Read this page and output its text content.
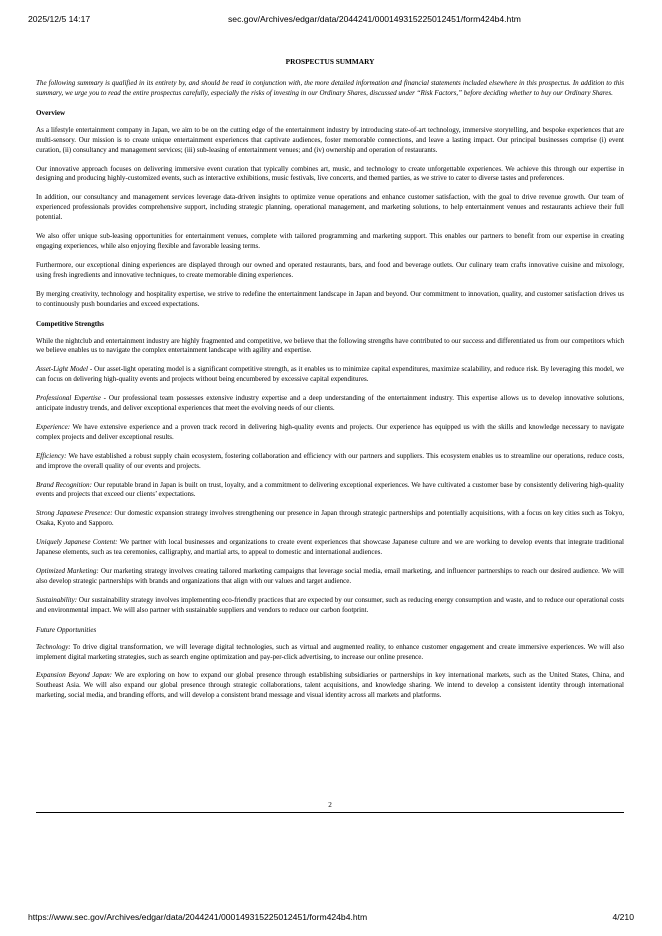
2025/12/5 14:17	sec.gov/Archives/edgar/data/2044241/000149315225012451/form424b4.htm
PROSPECTUS SUMMARY

The following summary is qualified in its entirety by, and should be read in conjunction with, the more detailed information and financial statements included elsewhere in this prospectus. In addition to this summary, we urge you to read the entire prospectus carefully, especially the risks of investing in our Ordinary Shares, discussed under “Risk Factors,” before deciding whether to buy our Ordinary Shares.

Overview

As a lifestyle entertainment company in Japan, we aim to be on the cutting edge of the entertainment industry by introducing state-of-art technology, immersive storytelling, and bespoke experiences that are multi-sensory. Our mission is to create unique entertainment experiences that captivate audiences, foster memorable connections, and leave a lasting impact. Our principal businesses comprise (i) event curation, (ii) consultancy and management services; (iii) sub-leasing of entertainment venues; and (iv) ownership and operation of restaurants.

Our innovative approach focuses on delivering immersive event curation that typically combines art, music, and technology to create unforgettable experiences. We achieve this through our expertise in designing and producing highly-customized events, such as interactive exhibitions, music festivals, live concerts, and themed parties, as we strive to cater to diverse tastes and preferences.

In addition, our consultancy and management services leverage data-driven insights to optimize venue operations and enhance customer satisfaction, with the goal to drive revenue growth. Our team of experienced professionals provides comprehensive support, including strategic planning, operational management, and marketing solutions, to help entertainment venues and restaurants achieve their full potential.

We also offer unique sub-leasing opportunities for entertainment venues, complete with tailored programming and marketing support. This enables our partners to benefit from our expertise in creating engaging experiences, while also enjoying flexible and favorable leasing terms.

Furthermore, our exceptional dining experiences are displayed through our owned and operated restaurants, bars, and food and beverage outlets. Our culinary team crafts innovative cuisine and mixology, using fresh ingredients and innovative techniques, to create memorable dining experiences.

By merging creativity, technology and hospitality expertise, we strive to redefine the entertainment landscape in Japan and beyond. Our commitment to innovation, quality, and customer satisfaction drives us to continuously push boundaries and exceed expectations.

Competitive Strengths

While the nightclub and entertainment industry are highly fragmented and competitive, we believe that the following strengths have contributed to our success and differentiated us from our competitors which we believe enables us to navigate the complex entertainment landscape with agility and expertise.

Asset-Light Model - Our asset-light operating model is a significant competitive strength, as it enables us to minimize capital expenditures, maximize scalability, and reduce risk. By leveraging this model, we can focus on delivering high-quality events and projects without being encumbered by excessive capital expenditures.

Professional Expertise - Our professional team possesses extensive industry expertise and a deep understanding of the entertainment industry. This expertise allows us to develop innovative solutions, anticipate industry trends, and deliver exceptional experiences that meet the evolving needs of our clients.

Experience: We have extensive experience and a proven track record in delivering high-quality events and projects. Our experience has equipped us with the skills and knowledge necessary to navigate complex projects and deliver exceptional results.

Efficiency: We have established a robust supply chain ecosystem, fostering collaboration and efficiency with our partners and suppliers. This ecosystem enables us to streamline our operations, reduce costs, and improve the overall quality of our events and projects.

Brand Recognition: Our reputable brand in Japan is built on trust, loyalty, and a commitment to delivering exceptional experiences. We have cultivated a customer base by consistently delivering high-quality events and projects that exceed our clients’ expectations.

Strong Japanese Presence: Our domestic expansion strategy involves strengthening our presence in Japan through strategic partnerships and potentially acquisitions, with a focus on key cities such as Tokyo, Osaka, Kyoto and Sapporo.

Uniquely Japanese Content: We partner with local businesses and organizations to create event experiences that showcase Japanese culture and we are working to develop events that integrate traditional Japanese elements, such as tea ceremonies, calligraphy, and martial arts, to appeal to domestic and international audiences.

Optimized Marketing: Our marketing strategy involves creating tailored marketing campaigns that leverage social media, email marketing, and influencer partnerships to reach our desired audience. We will also develop strategic partnerships with brands and organizations that align with our values and target audience.

Sustainability: Our sustainability strategy involves implementing eco-friendly practices that are expected by our consumer, such as reducing energy consumption and waste, and to reduce our operational costs and environmental impact. We will also partner with sustainable suppliers and vendors to reduce our carbon footprint.

Future Opportunities

Technology: To drive digital transformation, we will leverage digital technologies, such as virtual and augmented reality, to enhance customer engagement and create immersive experiences. We will also implement digital marketing strategies, such as search engine optimization and pay-per-click advertising, to increase our online presence.

Expansion Beyond Japan: We are exploring on how to expand our global presence through establishing subsidiaries or partnerships in key international markets, such as the United States, China, and Southeast Asia. We will also expand our global presence through strategic collaborations, talent acquisitions, and knowledge sharing. We intend to develop a consistent identity through international marketing, social media, and branding efforts, and will develop a consistent brand message and visual identity across all markets and platforms.

2
https://www.sec.gov/Archives/edgar/data/2044241/000149315225012451/form424b4.htm	4/210
